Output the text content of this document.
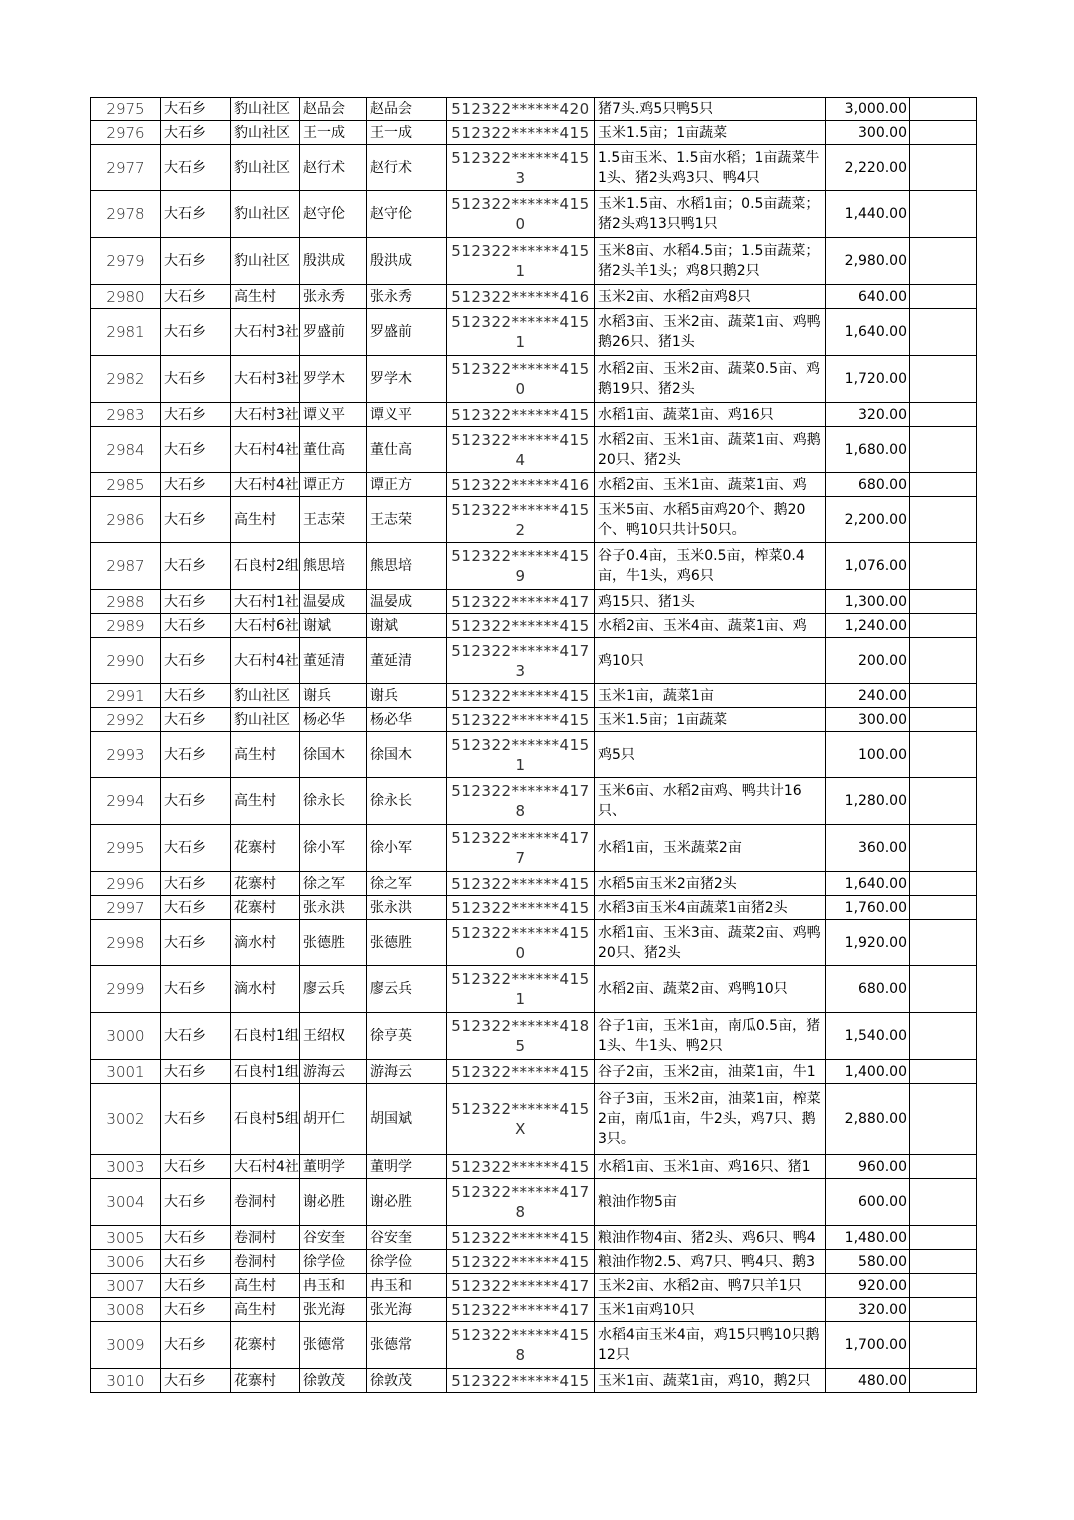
2975	大石乡	豹山社区	赵品会	赵品会	512322******420	猪7头.鸡5只鸭5只	3,000.00	
2976	大石乡	豹山社区	王一成	王一成	512322******415	玉米1.5亩；1亩蔬菜	300.00	
2977	大石乡	豹山社区	赵行术	赵行术	512322******4153	1.5亩玉米、1.5亩水稻；1亩蔬菜牛1头、猪2头鸡3只、鸭4只	2,220.00	
2978	大石乡	豹山社区	赵守伦	赵守伦	512322******4150	玉米1.5亩、水稻1亩；0.5亩蔬菜；猪2头鸡13只鸭1只	1,440.00	
2979	大石乡	豹山社区	殷洪成	殷洪成	512322******4151	玉米8亩、水稻4.5亩；1.5亩蔬菜；猪2头羊1头；鸡8只鹅2只	2,980.00	
2980	大石乡	高生村	张永秀	张永秀	512322******416	玉米2亩、水稻2亩鸡8只	640.00	
2981	大石乡	大石村3社	罗盛前	罗盛前	512322******4151	水稻3亩、玉米2亩、蔬菜1亩、鸡鸭鹅26只、猪1头	1,640.00	
2982	大石乡	大石村3社	罗学木	罗学木	512322******4150	水稻2亩、玉米2亩、蔬菜0.5亩、鸡鹅19只、猪2头	1,720.00	
2983	大石乡	大石村3社	谭义平	谭义平	512322******415	水稻1亩、蔬菜1亩、鸡16只	320.00	
2984	大石乡	大石村4社	董仕高	董仕高	512322******4154	水稻2亩、玉米1亩、蔬菜1亩、鸡鹅20只、猪2头	1,680.00	
2985	大石乡	大石村4社	谭正方	谭正方	512322******416	水稻2亩、玉米1亩、蔬菜1亩、鸡	680.00	
2986	大石乡	高生村	王志荣	王志荣	512322******4152	玉米5亩、水稻5亩鸡20个、鹅20个、鸭10只共计50只。	2,200.00	
2987	大石乡	石良村2组	熊思培	熊思培	512322******4159	谷子0.4亩，玉米0.5亩，榨菜0.4亩，牛1头，鸡6只	1,076.00	
2988	大石乡	大石村1社	温晏成	温晏成	512322******417	鸡15只、猪1头	1,300.00	
2989	大石乡	大石村6社	谢斌	谢斌	512322******415	水稻2亩、玉米4亩、蔬菜1亩、鸡	1,240.00	
2990	大石乡	大石村4社	董延清	董延清	512322******4173	鸡10只	200.00	
2991	大石乡	豹山社区	谢兵	谢兵	512322******415	玉米1亩，蔬菜1亩	240.00	
2992	大石乡	豹山社区	杨必华	杨必华	512322******415	玉米1.5亩；1亩蔬菜	300.00	
2993	大石乡	高生村	徐国木	徐国木	512322******4151	鸡5只	100.00	
2994	大石乡	高生村	徐永长	徐永长	512322******4178	玉米6亩、水稻2亩鸡、鸭共计16只、	1,280.00	
2995	大石乡	花寨村	徐小军	徐小军	512322******4177	水稻1亩，玉米蔬菜2亩	360.00	
2996	大石乡	花寨村	徐之军	徐之军	512322******415	水稻5亩玉米2亩猪2头	1,640.00	
2997	大石乡	花寨村	张永洪	张永洪	512322******415	水稻3亩玉米4亩蔬菜1亩猪2头	1,760.00	
2998	大石乡	滴水村	张德胜	张德胜	512322******4150	水稻1亩、玉米3亩、蔬菜2亩、鸡鸭20只、猪2头	1,920.00	
2999	大石乡	滴水村	廖云兵	廖云兵	512322******4151	水稻2亩、蔬菜2亩、鸡鸭10只	680.00	
3000	大石乡	石良村1组	王绍权	徐亨英	512322******4185	谷子1亩，玉米1亩，南瓜0.5亩，猪1头、牛1头、鸭2只	1,540.00	
3001	大石乡	石良村1组	游海云	游海云	512322******415	谷子2亩，玉米2亩，油菜1亩，牛1	1,400.00	
3002	大石乡	石良村5组	胡开仁	胡国斌	512322******415X	谷子3亩，玉米2亩，油菜1亩，榨菜2亩，南瓜1亩，牛2头，鸡7只、鹅3只。	2,880.00	
3003	大石乡	大石村4社	董明学	董明学	512322******415	水稻1亩、玉米1亩、鸡16只、猪1	960.00	
3004	大石乡	卷洞村	谢必胜	谢必胜	512322******4178	粮油作物5亩	600.00	
3005	大石乡	卷洞村	谷安奎	谷安奎	512322******415	粮油作物4亩、猪2头、鸡6只、鸭4	1,480.00	
3006	大石乡	卷洞村	徐学俭	徐学俭	512322******415	粮油作物2.5、鸡7只、鸭4只、鹅3	580.00	
3007	大石乡	高生村	冉玉和	冉玉和	512322******417	玉米2亩、水稻2亩、鸭7只羊1只	920.00	
3008	大石乡	高生村	张光海	张光海	512322******417	玉米1亩鸡10只	320.00	
3009	大石乡	花寨村	张德常	张德常	512322******4158	水稻4亩玉米4亩，鸡15只鸭10只鹅12只	1,700.00	
3010	大石乡	花寨村	徐敦茂	徐敦茂	512322******415	玉米1亩、蔬菜1亩，鸡10，鹅2只	480.00	
